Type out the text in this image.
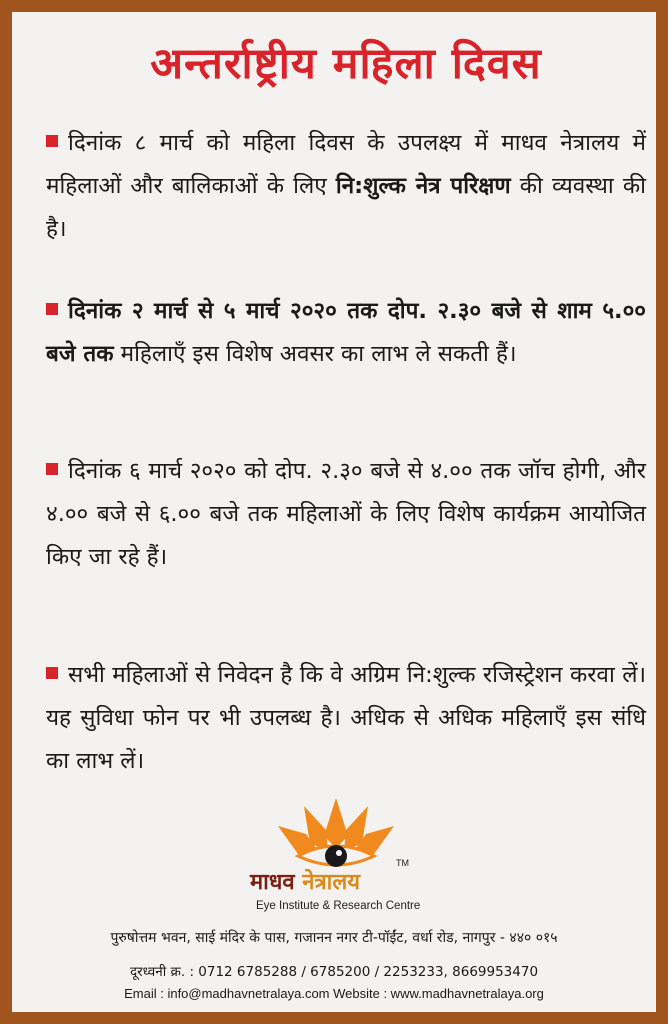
अन्तर्राष्ट्रीय महिला दिवस
दिनांक ८ मार्च को महिला दिवस के उपलक्ष्य में माधव नेत्रालय में महिलाओं और बालिकाओं के लिए नि:शुल्क नेत्र परिक्षण की व्यवस्था की है।
दिनांक २ मार्च से ५ मार्च २०२० तक दोप. २.३० बजे से शाम ५.०० बजे तक महिलाएँ इस विशेष अवसर का लाभ ले सकती हैं।
दिनांक ६ मार्च २०२० को दोप. २.३० बजे से ४.०० तक जॉच होगी, और ४.०० बजे से ६.०० बजे तक महिलाओं के लिए विशेष कार्यक्रम आयोजित किए जा रहे हैं।
सभी महिलाओं से निवेदन है कि वे अग्रिम नि:शुल्क रजिस्ट्रेशन करवा लें। यह सुविधा फोन पर भी उपलब्ध है। अधिक से अधिक महिलाएँ इस संधि का लाभ लें।
माधव नेत्रालय
TM
Eye Institute & Research Centre
पुरुषोत्तम भवन, साई मंदिर के पास, गजानन नगर टी-पॉईंट, वर्धा रोड, नागपुर - ४४० ०१५
दूरध्वनी क्र. : 0712 6785288 / 6785200 / 2253233, 8669953470
Email : info@madhavnetralaya.com Website : www.madhavnetralaya.org
